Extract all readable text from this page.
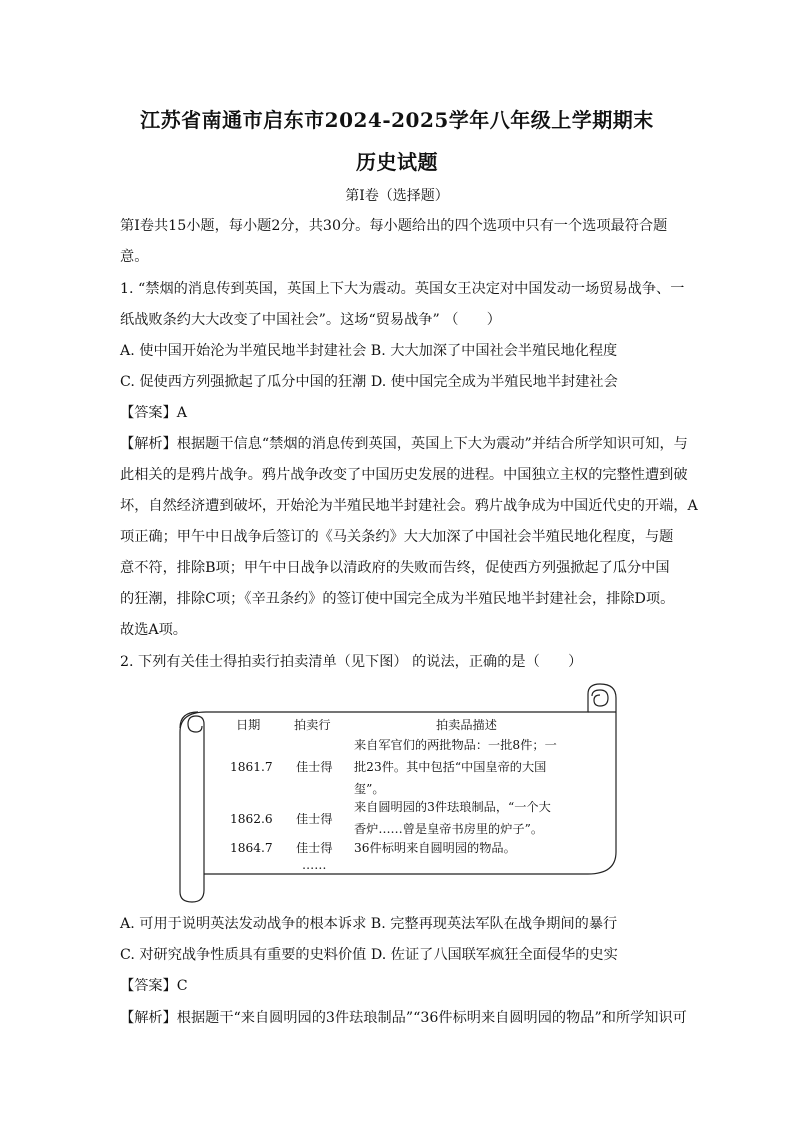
江苏省南通市启东市2024-2025学年八年级上学期期末
历史试题
第Ⅰ卷（选择题）
第Ⅰ卷共15小题，每小题2分，共30分。每小题给出的四个选项中只有一个选项最符合题
意。
1. “禁烟的消息传到英国，英国上下大为震动。英国女王决定对中国发动一场贸易战争、一
纸战败条约大大改变了中国社会”。这场“贸易战争” （　　）
A. 使中国开始沦为半殖民地半封建社会 B. 大大加深了中国社会半殖民地化程度
C. 促使西方列强掀起了瓜分中国的狂潮 D. 使中国完全成为半殖民地半封建社会
【答案】A
【解析】根据题干信息“禁烟的消息传到英国，英国上下大为震动”并结合所学知识可知，与
此相关的是鸦片战争。鸦片战争改变了中国历史发展的进程。中国独立主权的完整性遭到破
坏，自然经济遭到破坏，开始沦为半殖民地半封建社会。鸦片战争成为中国近代史的开端，A
项正确；甲午中日战争后签订的《马关条约》大大加深了中国社会半殖民地化程度，与题
意不符，排除B项；甲午中日战争以清政府的失败而告终，促使西方列强掀起了瓜分中国
的狂潮，排除C项；《辛丑条约》的签订使中国完全成为半殖民地半封建社会，排除D项。
故选A项。
2. 下列有关佳士得拍卖行拍卖清单（见下图） 的说法，正确的是（　　）
日期	拍卖行	拍卖品描述
1861.7 佳士得
来自军官们的两批物品：一批8件；一
批23件。其中包括“中国皇帝的大国
玺”。
1862.6 佳士得
来自圆明园的3件珐琅制品，“一个大
香炉……曾是皇帝书房里的炉子”。
1864.7 佳士得 36件标明来自圆明园的物品。
……
A. 可用于说明英法发动战争的根本诉求 B. 完整再现英法军队在战争期间的暴行
C. 对研究战争性质具有重要的史料价值 D. 佐证了八国联军疯狂全面侵华的史实
【答案】C
【解析】根据题干“来自圆明园的3件珐琅制品”“36件标明来自圆明园的物品”和所学知识可
